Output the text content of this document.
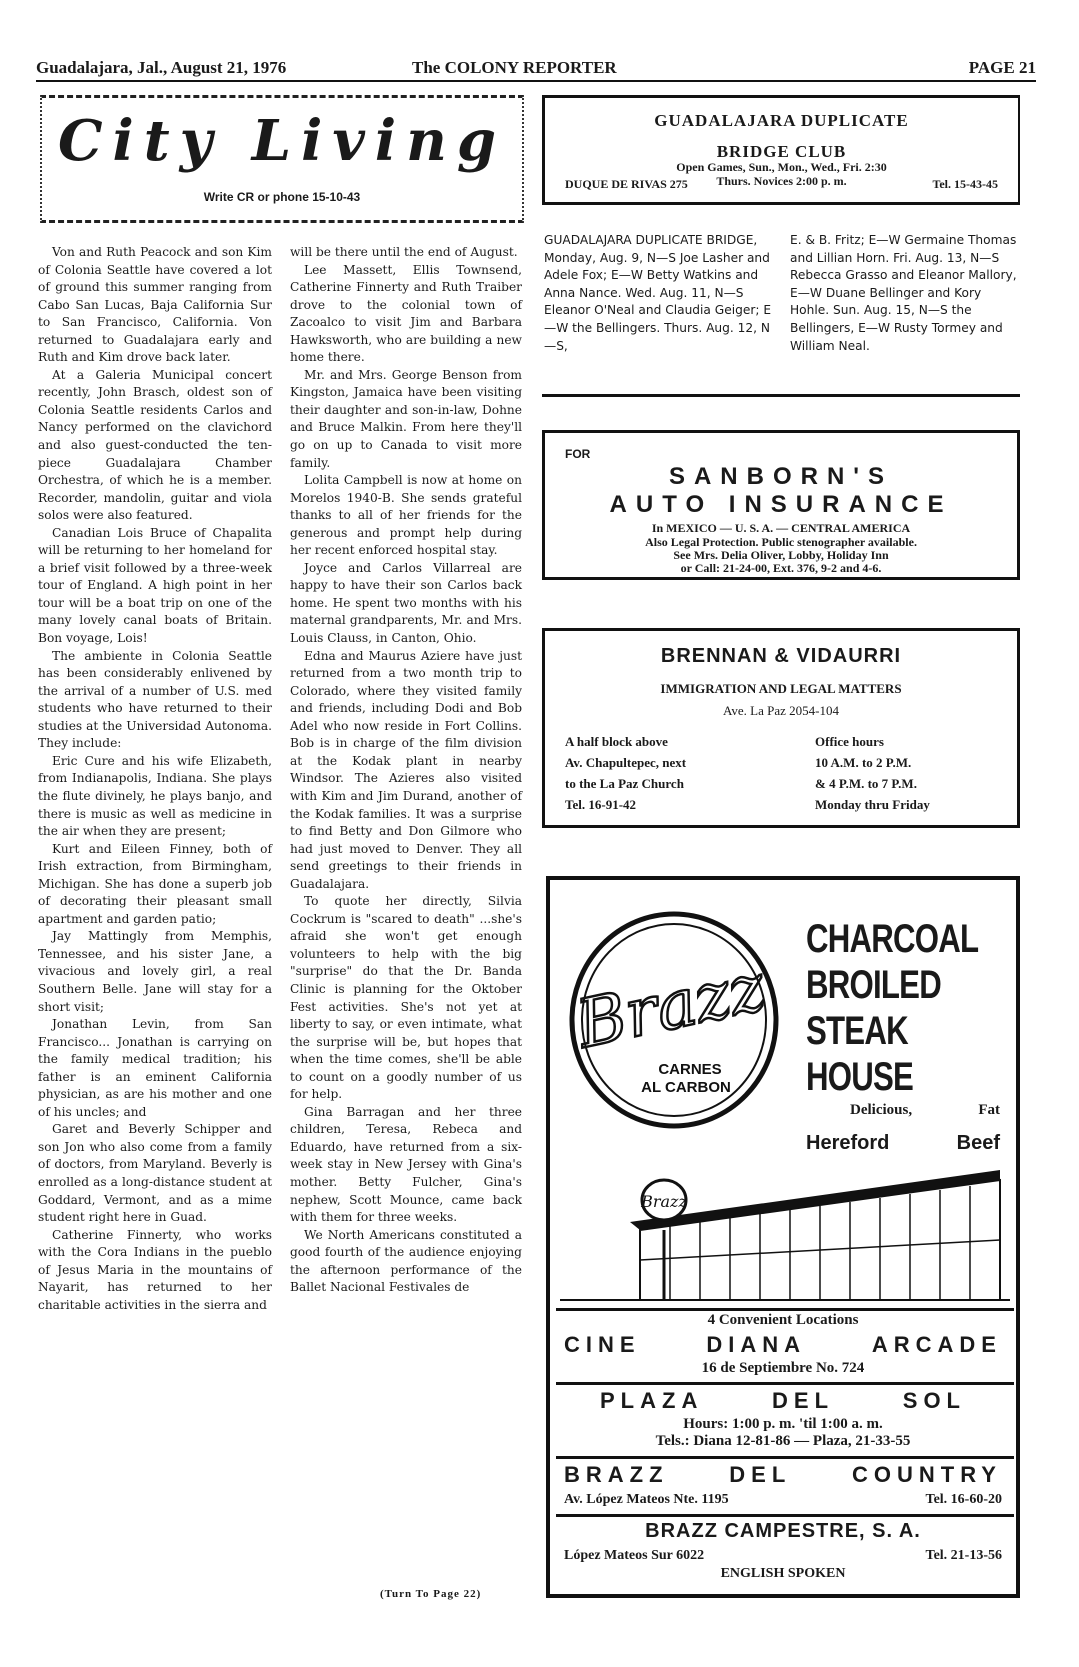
Guadalajara, Jal., August 21, 1976	The COLONY REPORTER	PAGE 21
City Living
Write CR or phone 15-10-43

Von and Ruth Peacock and son Kim of Colonia Seattle have covered a lot of ground this summer ranging from Cabo San Lucas, Baja California Sur to San Francisco, California. Von returned to Guadalajara early and Ruth and Kim drove back later.

At a Galeria Municipal concert recently, John Brasch, oldest son of Colonia Seattle residents Carlos and Nancy performed on the clavichord and also guest-conducted the ten-piece Guadalajara Chamber Orchestra, of which he is a member. Recorder, mandolin, guitar and viola solos were also featured.

Canadian Lois Bruce of Chapalita will be returning to her homeland for a brief visit followed by a three-week tour of England. A high point in her tour will be a boat trip on one of the many lovely canal boats of Britain. Bon voyage, Lois!

The ambiente in Colonia Seattle has been considerably enlivened by the arrival of a number of U.S. med students who have returned to their studies at the Universidad Autonoma. They include:

Eric Cure and his wife Elizabeth, from Indianapolis, Indiana. She plays the flute divinely, he plays banjo, and there is music as well as medicine in the air when they are present;

Kurt and Eileen Finney, both of Irish extraction, from Birmingham, Michigan. She has done a superb job of decorating their pleasant small apartment and garden patio;

Jay Mattingly from Memphis, Tennessee, and his sister Jane, a vivacious and lovely girl, a real Southern Belle. Jane will stay for a short visit;

Jonathan Levin, from San Francisco... Jonathan is carrying on the family medical tradition; his father is an eminent California physician, as are his mother and one of his uncles; and

Garet and Beverly Schipper and son Jon who also come from a family of doctors, from Maryland. Beverly is enrolled as a long-distance student at Goddard, Vermont, and as a mime student right here in Guad.

Catherine Finnerty, who works with the Cora Indians in the pueblo of Jesus Maria in the mountains of Nayarit, has returned to her charitable activities in the sierra and

will be there until the end of August.

Lee Massett, Ellis Townsend, Catherine Finnerty and Ruth Traiber drove to the colonial town of Zacoalco to visit Jim and Barbara Hawksworth, who are building a new home there.

Mr. and Mrs. George Benson from Kingston, Jamaica have been visiting their daughter and son-in-law, Dohne and Bruce Malkin. From here they'll go on up to Canada to visit more family.

Lolita Campbell is now at home on Morelos 1940-B. She sends grateful thanks to all of her friends for the generous and prompt help during her recent enforced hospital stay.

Joyce and Carlos Villarreal are happy to have their son Carlos back home. He spent two months with his maternal grandparents, Mr. and Mrs. Louis Clauss, in Canton, Ohio.

Edna and Maurus Aziere have just returned from a two month trip to Colorado, where they visited family and friends, including Dodi and Bob Adel who now reside in Fort Collins. Bob is in charge of the film division at the Kodak plant in nearby Windsor. The Azieres also visited with Kim and Jim Durand, another of the Kodak families. It was a surprise to find Betty and Don Gilmore who had just moved to Denver. They all send greetings to their friends in Guadalajara.

To quote her directly, Silvia Cockrum is "scared to death" ...she's afraid she won't get enough volunteers to help with the big "surprise" do that the Dr. Banda Clinic is planning for the Oktober Fest activities. She's not yet at liberty to say, or even intimate, what the surprise will be, but hopes that when the time comes, she'll be able to count on a goodly number of us for help.

Gina Barragan and her three children, Teresa, Rebeca and Eduardo, have returned from a six-week stay in New Jersey with Gina's mother. Betty Fulcher, Gina's nephew, Scott Mounce, came back with them for three weeks.

We North Americans constituted a good fourth of the audience enjoying the afternoon performance of the Ballet Nacional Festivales de

(Turn To Page 22)
GUADALAJARA DUPLICATE
BRIDGE CLUB
Open Games, Sun., Mon., Wed., Fri. 2:30
Thurs. Novices 2:00 p. m.
DUQUE DE RIVAS 275	Tel. 15-43-45
GUADALAJARA DUPLICATE BRIDGE, Monday, Aug. 9, N—S Joe Lasher and Adele Fox; E—W Betty Watkins and Anna Nance. Wed. Aug. 11, N—S Eleanor O'Neal and Claudia Geiger; E—W the Bellingers. Thurs. Aug. 12, N—S,
E. & B. Fritz; E—W Germaine Thomas and Lillian Horn. Fri. Aug. 13, N—S Rebecca Grasso and Eleanor Mallory, E—W Duane Bellinger and Kory Hohle. Sun. Aug. 15, N—S the Bellingers, E—W Rusty Tormey and William Neal.
FOR
SANBORN'S
AUTO INSURANCE
In MEXICO — U. S. A. — CENTRAL AMERICA
Also Legal Protection. Public stenographer available.
See Mrs. Delia Oliver, Lobby, Holiday Inn
or Call: 21-24-00, Ext. 376, 9-2 and 4-6.
BRENNAN & VIDAURRI
IMMIGRATION AND LEGAL MATTERS
Ave. La Paz 2054-104
A half block above
Av. Chapultepec, next
to the La Paz Church
Tel. 16-91-42
Office hours
10 A.M. to 2 P.M.
& 4 P.M. to 7 P.M.
Monday thru Friday
Brazz
CARNES
AL CARBON
CHARCOAL
BROILED
STEAK
HOUSE
Delicious,	Fat
Hereford	Beef
Brazz
4 Convenient Locations
CINE	DIANA	ARCADE
16 de Septiembre No. 724
PLAZA	DEL	SOL
Hours: 1:00 p. m. 'til 1:00 a. m.
Tels.: Diana 12-81-86 — Plaza, 21-33-55
BRAZZ	DEL	COUNTRY
Av. López Mateos Nte. 1195	Tel. 16-60-20
BRAZZ CAMPESTRE, S. A.
López Mateos Sur 6022	Tel. 21-13-56
ENGLISH SPOKEN
